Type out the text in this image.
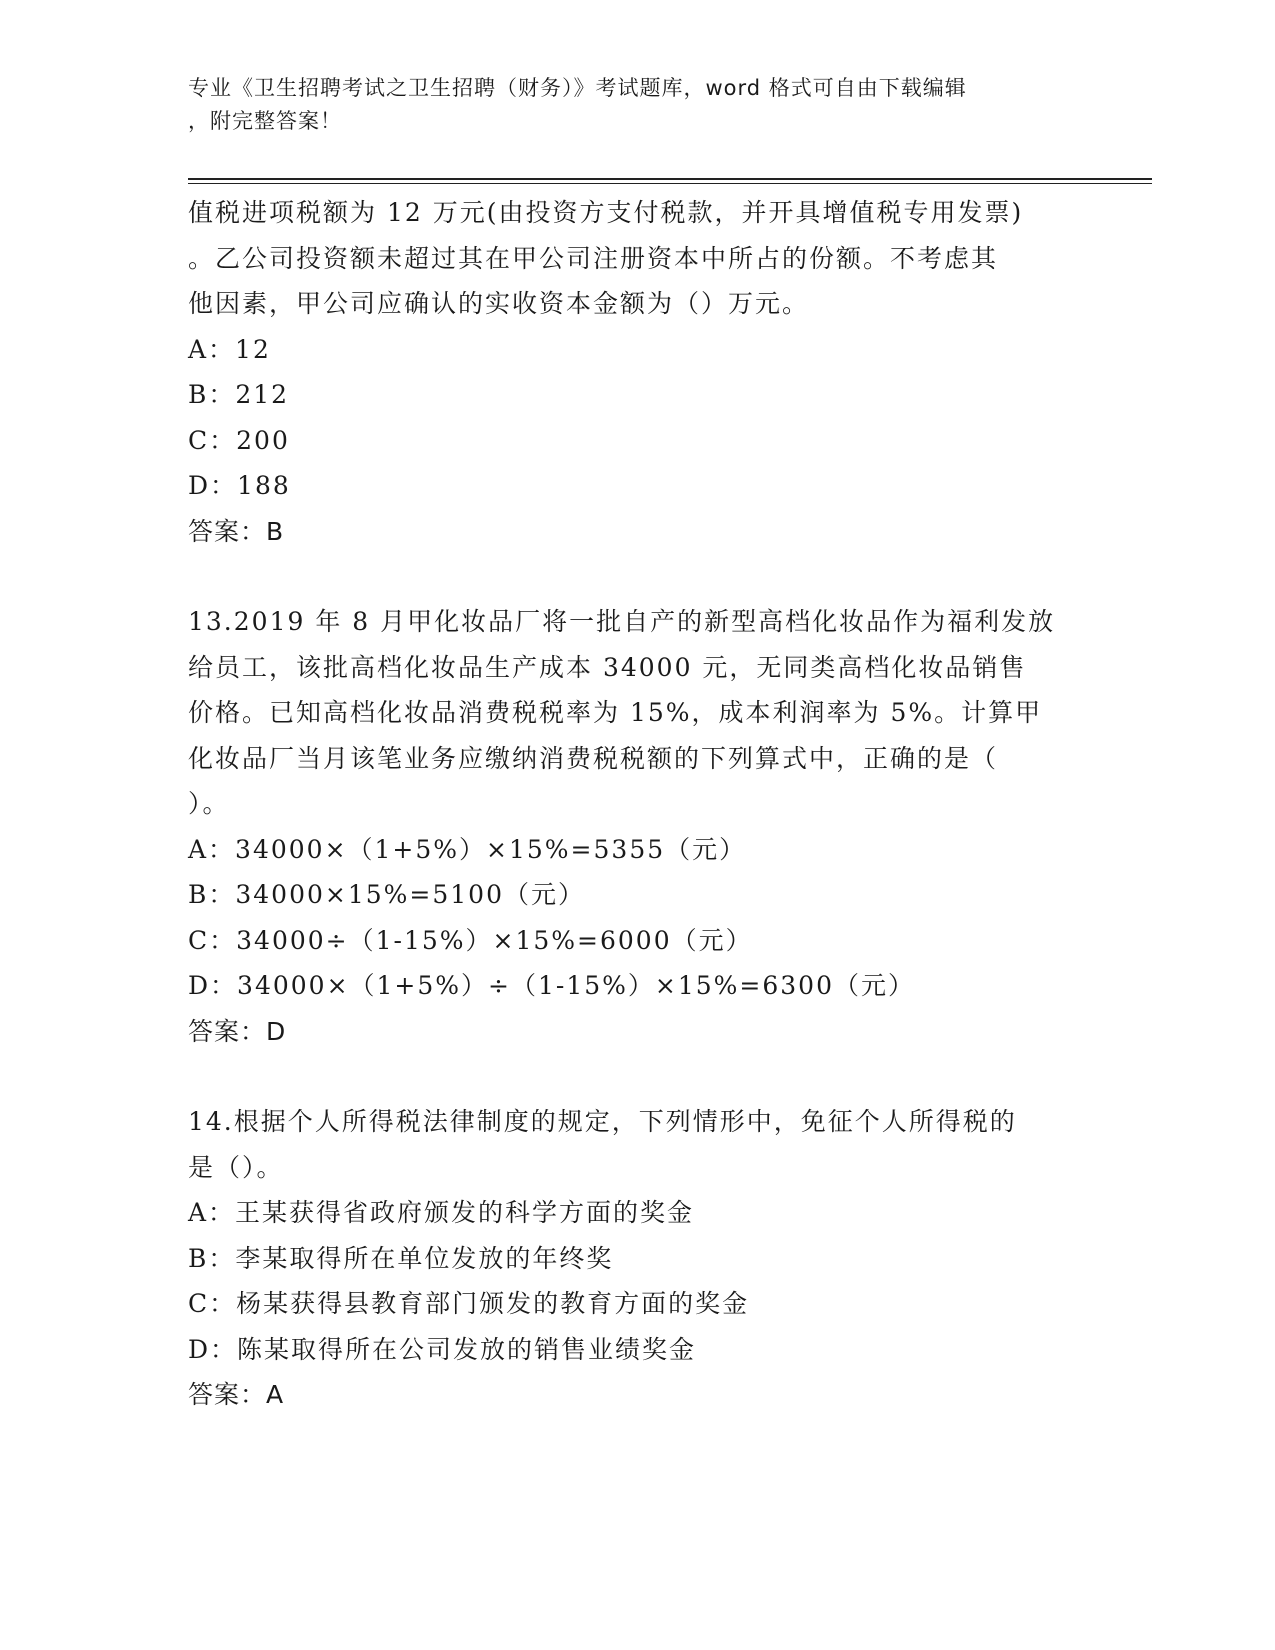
专业《卫生招聘考试之卫生招聘（财务）》考试题库，word 格式可自由下载编辑
，附完整答案！

值税进项税额为 12 万元(由投资方支付税款，并开具增值税专用发票)

。乙公司投资额未超过其在甲公司注册资本中所占的份额。不考虑其

他因素，甲公司应确认的实收资本金额为（）万元。

A：12

B：212

C：200

D：188

答案：B

13.2019 年 8 月甲化妆品厂将一批自产的新型高档化妆品作为福利发放

给员工，该批高档化妆品生产成本 34000 元，无同类高档化妆品销售

价格。已知高档化妆品消费税税率为 15%，成本利润率为 5%。计算甲

化妆品厂当月该笔业务应缴纳消费税税额的下列算式中，正确的是（

）。

A：34000×（1+5%）×15%=5355（元）

B：34000×15%=5100（元）

C：34000÷（1-15%）×15%=6000（元）

D：34000×（1+5%）÷（1-15%）×15%=6300（元）

答案：D

14.根据个人所得税法律制度的规定，下列情形中，免征个人所得税的

是（）。

A：王某获得省政府颁发的科学方面的奖金

B：李某取得所在单位发放的年终奖

C：杨某获得县教育部门颁发的教育方面的奖金

D：陈某取得所在公司发放的销售业绩奖金

答案：A
